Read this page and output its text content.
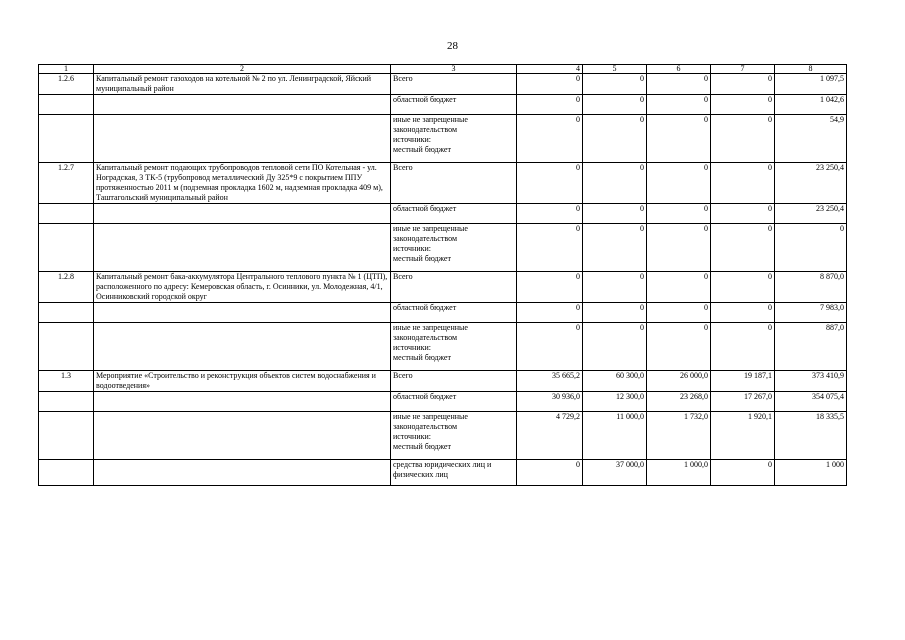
28
1	2	3	4	5	6	7	8
1.2.6	Капитальный ремонт газоходов на котельной № 2 по ул. Ленинградской, Яйский муниципальный район	Всего	0	0	0	0	1 097,5

		областной бюджет	0	0	0	0	1 042,6

		иные не запрещенные
законодательством
источники:
местный бюджет	0	0	0	0	54,9
1.2.7	Капитальный ремонт подающих трубопроводов тепловой сети ПО Котельная - ул. Ноградская, 3 ТК-5 (трубопровод металлический Ду 325*9 с покрытием ППУ протяженностью 2011 м (подземная прокладка 1602 м, надземная прокладка 409 м), Таштагольский муниципальный район	Всего	0	0	0	0	23 250,4

		областной бюджет	0	0	0	0	23 250,4

		иные не запрещенные
законодательством
источники:
местный бюджет	0	0	0	0	0
1.2.8	Капитальный ремонт бака-аккумулятора Центрального теплового пункта № 1 (ЦТП), расположенного по адресу: Кемеровская область, г. Осинники, ул. Молодежная, 4/1, Осинниковский городской округ	Всего	0	0	0	0	8 870,0

		областной бюджет	0	0	0	0	7 983,0

		иные не запрещенные
законодательством
источники:
местный бюджет	0	0	0	0	887,0
1.3	Мероприятие «Строительство и реконструкция объектов систем водоснабжения и водоотведения»	Всего	35 665,2	60 300,0	26 000,0	19 187,1	373 410,9

		областной бюджет	30 936,0	12 300,0	23 268,0	17 267,0	354 075,4

		иные не запрещенные
законодательством
источники:
местный бюджет	4 729,2	11 000,0	1 732,0	1 920,1	18 335,5

		средства юридических лиц и физических лиц	0	37 000,0	1 000,0	0	1 000
